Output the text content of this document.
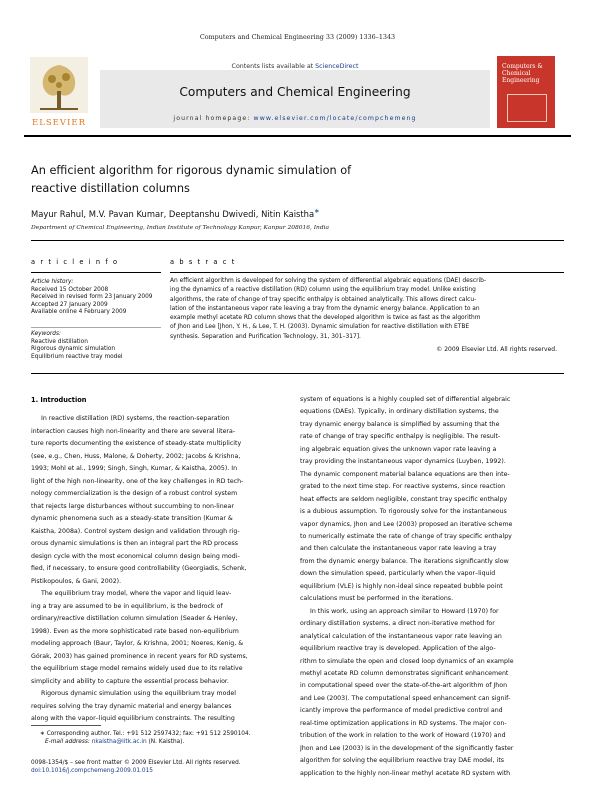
Computers and Chemical Engineering 33 (2009) 1336–1343
ELSEVIER
Contents lists available at ScienceDirect
Computers and Chemical Engineering
journal homepage: www.elsevier.com/locate/compchemeng
Computers & Chemical Engineering
An efficient algorithm for rigorous dynamic simulation of
reactive distillation columns
Mayur Rahul, M.V. Pavan Kumar, Deeptanshu Dwivedi, Nitin Kaistha∗
Department of Chemical Engineering, Indian Institute of Technology Kanpur, Kanpur 208016, India
a r t i c l e i n f o	a b s t r a c t
Article history:
Received 15 October 2008
Received in revised form 23 January 2009
Accepted 27 January 2009
Available online 4 February 2009
Keywords:
Reactive distillation
Rigorous dynamic simulation
Equilibrium reactive tray model
An efficient algorithm is developed for solving the system of differential algebraic equations (DAE) describ-
ing the dynamics of a reactive distillation (RD) column using the equilibrium tray model. Unlike existing
algorithms, the rate of change of tray specific enthalpy is obtained analytically. This allows direct calcu-
lation of the instantaneous vapor rate leaving a tray from the dynamic energy balance. Application to an
example methyl acetate RD column shows that the developed algorithm is twice as fast as the algorithm
of Jhon and Lee [Jhon, Y. H., & Lee, T. H. (2003). Dynamic simulation for reactive distillation with ETBE
synthesis. Separation and Purification Technology, 31, 301–317].
© 2009 Elsevier Ltd. All rights reserved.
1. Introduction
In reactive distillation (RD) systems, the reaction-separation
interaction causes high non-linearity and there are several litera-
ture reports documenting the existence of steady-state multiplicity
(see, e.g., Chen, Huss, Malone, & Doherty, 2002; Jacobs & Krishna,
1993; Mohl et al., 1999; Singh, Singh, Kumar, & Kaistha, 2005). In
light of the high non-linearity, one of the key challenges in RD tech-
nology commercialization is the design of a robust control system
that rejects large disturbances without succumbing to non-linear
dynamic phenomena such as a steady-state transition (Kumar &
Kaistha, 2008a). Control system design and validation through rig-
orous dynamic simulations is then an integral part the RD process
design cycle with the most economical column design being modi-
fied, if necessary, to ensure good controllability (Georgiadis, Schenk,
Pistikopoulos, & Gani, 2002).
The equilibrium tray model, where the vapor and liquid leav-
ing a tray are assumed to be in equilibrium, is the bedrock of
ordinary/reactive distillation column simulation (Seader & Henley,
1998). Even as the more sophisticated rate based non-equilibrium
modeling approach (Baur, Taylor, & Krishna, 2001; Noeres, Kenig, &
Górak, 2003) has gained prominence in recent years for RD systems,
the equilibrium stage model remains widely used due to its relative
simplicity and ability to capture the essential process behavior.
Rigorous dynamic simulation using the equilibrium tray model
requires solving the tray dynamic material and energy balances
along with the vapor–liquid equilibrium constraints. The resulting
system of equations is a highly coupled set of differential algebraic
equations (DAEs). Typically, in ordinary distillation systems, the
tray dynamic energy balance is simplified by assuming that the
rate of change of tray specific enthalpy is negligible. The result-
ing algebraic equation gives the unknown vapor rate leaving a
tray providing the instantaneous vapor dynamics (Luyben, 1992).
The dynamic component material balance equations are then inte-
grated to the next time step. For reactive systems, since reaction
heat effects are seldom negligible, constant tray specific enthalpy
is a dubious assumption. To rigorously solve for the instantaneous
vapor dynamics, Jhon and Lee (2003) proposed an iterative scheme
to numerically estimate the rate of change of tray specific enthalpy
and then calculate the instantaneous vapor rate leaving a tray
from the dynamic energy balance. The iterations significantly slow
down the simulation speed, particularly when the vapor–liquid
equilibrium (VLE) is highly non-ideal since repeated bubble point
calculations must be performed in the iterations.
In this work, using an approach similar to Howard (1970) for
ordinary distillation systems, a direct non-iterative method for
analytical calculation of the instantaneous vapor rate leaving an
equilibrium reactive tray is developed. Application of the algo-
rithm to simulate the open and closed loop dynamics of an example
methyl acetate RD column demonstrates significant enhancement
in computational speed over the state-of-the-art algorithm of Jhon
and Lee (2003). The computational speed enhancement can signif-
icantly improve the performance of model predictive control and
real-time optimization applications in RD systems. The major con-
tribution of the work in relation to the work of Howard (1970) and
Jhon and Lee (2003) is in the development of the significantly faster
algorithm for solving the equilibrium reactive tray DAE model, its
application to the highly non-linear methyl acetate RD system with
∗ Corresponding author. Tel.: +91 512 2597432; fax: +91 512 2590104.
E-mail address: nkaistha@iitk.ac.in (N. Kaistha).
0098-1354/$ – see front matter © 2009 Elsevier Ltd. All rights reserved.
doi:10.1016/j.compchemeng.2009.01.015
